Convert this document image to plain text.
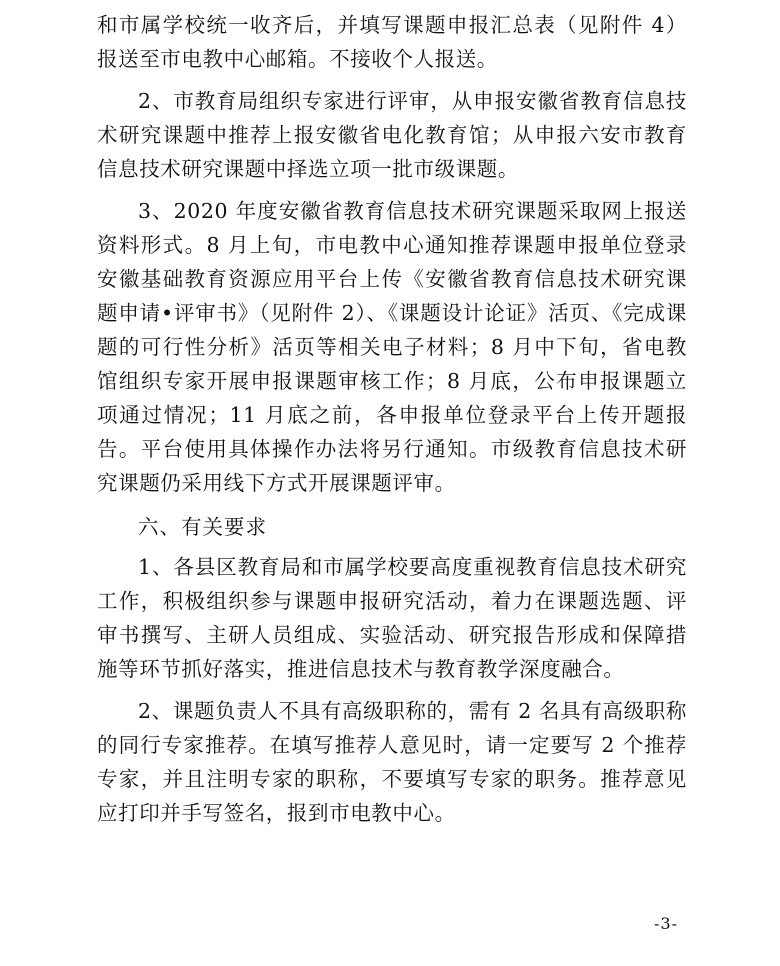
和市属学校统一收齐后，并填写课题申报汇总表（见附件 4）报送至市电教中心邮箱。不接收个人报送。

2、市教育局组织专家进行评审，从申报安徽省教育信息技术研究课题中推荐上报安徽省电化教育馆；从申报六安市教育信息技术研究课题中择选立项一批市级课题。

3、2020 年度安徽省教育信息技术研究课题采取网上报送资料形式。8 月上旬，市电教中心通知推荐课题申报单位登录安徽基础教育资源应用平台上传《安徽省教育信息技术研究课题申请•评审书》（见附件 2）、《课题设计论证》活页、《完成课题的可行性分析》活页等相关电子材料；8 月中下旬，省电教馆组织专家开展申报课题审核工作；8 月底，公布申报课题立项通过情况；11 月底之前，各申报单位登录平台上传开题报告。平台使用具体操作办法将另行通知。市级教育信息技术研究课题仍采用线下方式开展课题评审。

六、有关要求

1、各县区教育局和市属学校要高度重视教育信息技术研究工作，积极组织参与课题申报研究活动，着力在课题选题、评审书撰写、主研人员组成、实验活动、研究报告形成和保障措施等环节抓好落实，推进信息技术与教育教学深度融合。

2、课题负责人不具有高级职称的，需有 2 名具有高级职称的同行专家推荐。在填写推荐人意见时，请一定要写 2 个推荐专家，并且注明专家的职称，不要填写专家的职务。推荐意见应打印并手写签名，报到市电教中心。

-3-
